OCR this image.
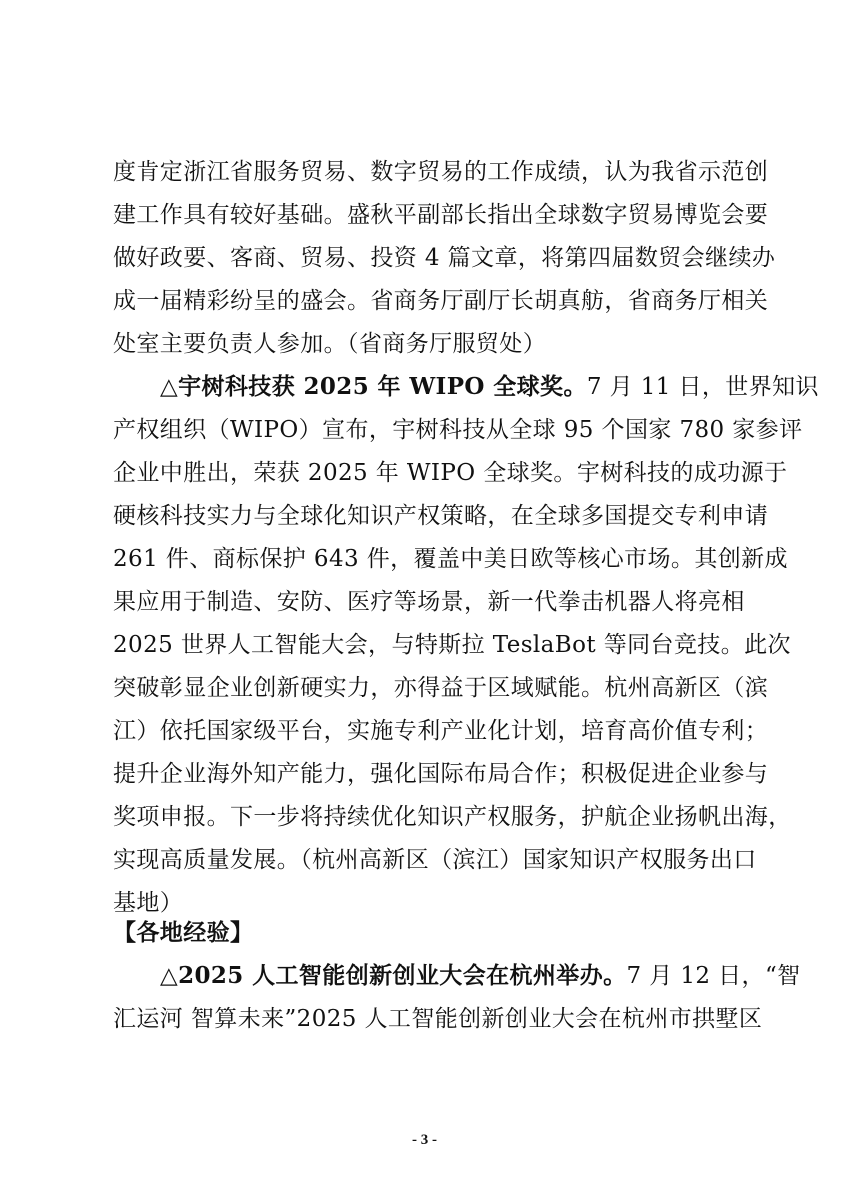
度肯定浙江省服务贸易、数字贸易的工作成绩，认为我省示范创
建工作具有较好基础。盛秋平副部长指出全球数字贸易博览会要
做好政要、客商、贸易、投资 4 篇文章，将第四届数贸会继续办
成一届精彩纷呈的盛会。省商务厅副厅长胡真舫，省商务厅相关
处室主要负责人参加。（省商务厅服贸处）
△宇树科技获 2025 年 WIPO 全球奖。7 月 11 日，世界知识
产权组织（WIPO）宣布，宇树科技从全球 95 个国家 780 家参评
企业中胜出，荣获 2025 年 WIPO 全球奖。宇树科技的成功源于
硬核科技实力与全球化知识产权策略，在全球多国提交专利申请
261 件、商标保护 643 件，覆盖中美日欧等核心市场。其创新成
果应用于制造、安防、医疗等场景，新一代拳击机器人将亮相
2025 世界人工智能大会，与特斯拉 TeslaBot 等同台竞技。此次
突破彰显企业创新硬实力，亦得益于区域赋能。杭州高新区（滨
江）依托国家级平台，实施专利产业化计划，培育高价值专利；
提升企业海外知产能力，强化国际布局合作；积极促进企业参与
奖项申报。下一步将持续优化知识产权服务，护航企业扬帆出海，
实现高质量发展。（杭州高新区（滨江）国家知识产权服务出口
基地）
【各地经验】
△2025 人工智能创新创业大会在杭州举办。7 月 12 日，“智
汇运河 智算未来”2025 人工智能创新创业大会在杭州市拱墅区
- 3 -
